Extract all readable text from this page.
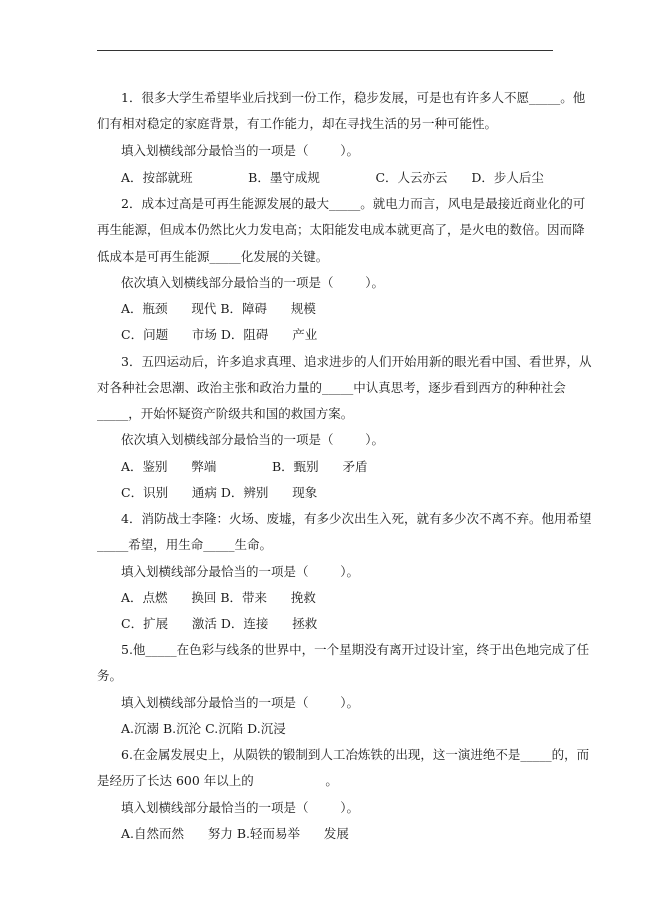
1．很多大学生希望毕业后找到一份工作，稳步发展，可是也有许多人不愿_____。他
们有相对稳定的家庭背景，有工作能力，却在寻找生活的另一种可能性。
填入划横线部分最恰当的一项是（        ）。
A．按部就班              B．墨守成规              C．人云亦云      D．步人后尘
2．成本过高是可再生能源发展的最大_____。就电力而言，风电是最接近商业化的可
再生能源，但成本仍然比火力发电高；太阳能发电成本就更高了，是火电的数倍。因而降
低成本是可再生能源_____化发展的关键。
依次填入划横线部分最恰当的一项是（        ）。
A．瓶颈      现代 B．障碍      规模
C．问题      市场 D．阻碍      产业
3．五四运动后，许多追求真理、追求进步的人们开始用新的眼光看中国、看世界，从
对各种社会思潮、政治主张和政治力量的_____中认真思考，逐步看到西方的种种社会
_____，开始怀疑资产阶级共和国的救国方案。
依次填入划横线部分最恰当的一项是（        ）。
A．鉴别      弊端              B．甄别      矛盾
C．识别      通病 D．辨别      现象
4．消防战士李隆：火场、废墟，有多少次出生入死，就有多少次不离不弃。他用希望
_____希望，用生命_____生命。
填入划横线部分最恰当的一项是（        ）。
A．点燃      换回 B．带来      挽救
C．扩展      激活 D．连接      拯救
5.他_____在色彩与线条的世界中，一个星期没有离开过设计室，终于出色地完成了任
务。
填入划横线部分最恰当的一项是（        ）。
A.沉溺 B.沉沦 C.沉陷 D.沉浸
6.在金属发展史上，从陨铁的锻制到人工冶炼铁的出现，这一演进绝不是_____的，而
是经历了长达 600 年以上的                  。
填入划横线部分最恰当的一项是（        ）。
A.自然而然      努力 B.轻而易举      发展
